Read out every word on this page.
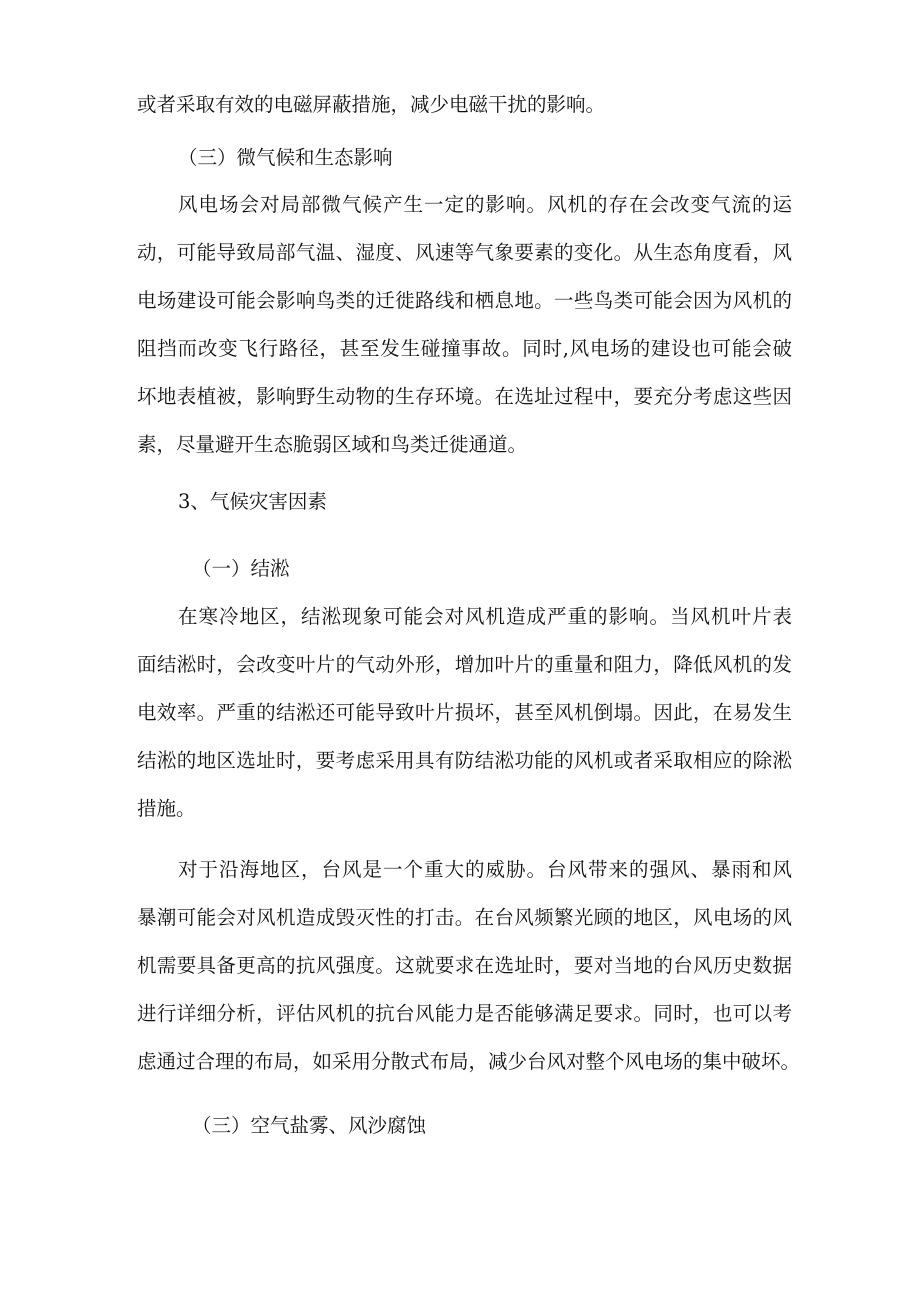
或者采取有效的电磁屏蔽措施，减少电磁干扰的影响。
（三）微气候和生态影响
风电场会对局部微气候产生一定的影响。风机的存在会改变气流的运
动，可能导致局部气温、湿度、风速等气象要素的变化。从生态角度看，风
电场建设可能会影响鸟类的迁徙路线和栖息地。一些鸟类可能会因为风机的
阻挡而改变飞行路径，甚至发生碰撞事故。同时,风电场的建设也可能会破
坏地表植被，影响野生动物的生存环境。在选址过程中，要充分考虑这些因
素，尽量避开生态脆弱区域和鸟类迁徙通道。
3、气候灾害因素
（一）结淞
在寒冷地区，结淞现象可能会对风机造成严重的影响。当风机叶片表
面结淞时，会改变叶片的气动外形，增加叶片的重量和阻力，降低风机的发
电效率。严重的结淞还可能导致叶片损坏，甚至风机倒塌。因此，在易发生
结淞的地区选址时，要考虑采用具有防结淞功能的风机或者采取相应的除淞
措施。
对于沿海地区，台风是一个重大的威胁。台风带来的强风、暴雨和风
暴潮可能会对风机造成毁灭性的打击。在台风频繁光顾的地区，风电场的风
机需要具备更高的抗风强度。这就要求在选址时，要对当地的台风历史数据
进行详细分析，评估风机的抗台风能力是否能够满足要求。同时，也可以考
虑通过合理的布局，如采用分散式布局，减少台风对整个风电场的集中破坏。
（三）空气盐雾、风沙腐蚀
